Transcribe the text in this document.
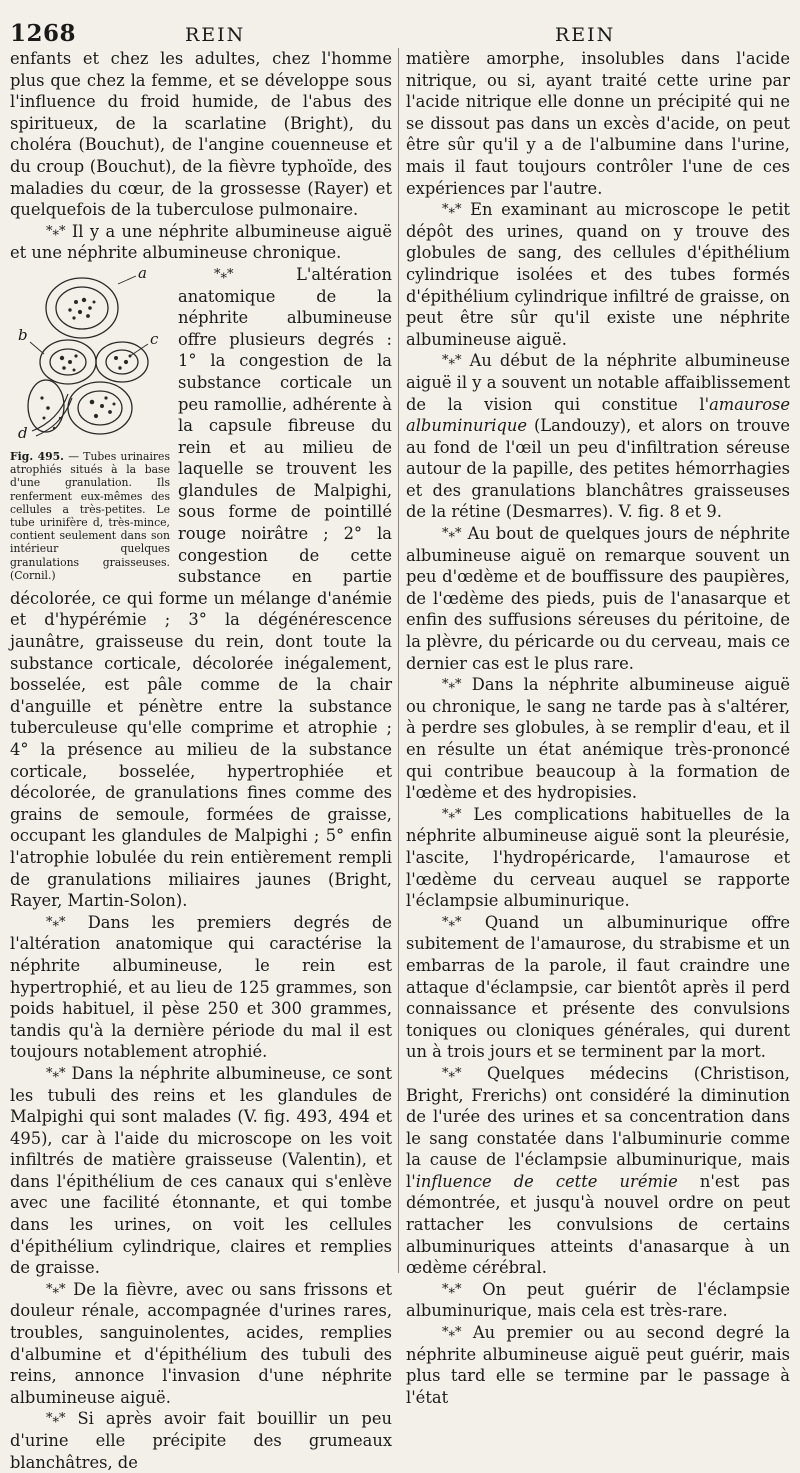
1268	REIN	REIN

enfants et chez les adultes, chez l'homme plus que chez la femme, et se développe sous l'influence du froid humide, de l'abus des spiritueux, de la scarlatine (Bright), du choléra (Bouchut), de l'angine couenneuse et du croup (Bouchut), de la fièvre typhoïde, des maladies du cœur, de la grossesse (Rayer) et quelquefois de la tuberculose pulmonaire.

*⁎* Il y a une néphrite albumineuse aiguë et une néphrite albumineuse chronique.

a
b	c
d
Fig. 495. — Tubes urinaires atrophiés situés à la base d'une granulation. Ils renferment eux-mêmes des cellules a très-petites. Le tube urinifère d, très-mince, contient seulement dans son intérieur quelques granulations graisseuses. (Cornil.)

*⁎*	L'altération anatomique de la néphrite albumineuse offre plusieurs degrés : 1° la congestion de la substance corticale un peu ramollie, adhérente à la capsule fibreuse du rein et au milieu de laquelle se trouvent les glandules de Malpighi, sous forme de pointillé rouge noirâtre ; 2° la congestion de cette substance en partie décolorée, ce qui forme un mélange d'anémie et d'hypérémie ; 3° la dégénérescence jaunâtre, graisseuse du rein, dont toute la substance corticale, décolorée inégalement, bosselée, est pâle comme de la chair d'anguille et pénètre entre la substance tuberculeuse qu'elle comprime et atrophie ; 4° la présence au milieu de la substance corticale, bosselée, hypertrophiée et décolorée, de granulations fines comme des grains de semoule, formées de graisse, occupant les glandules de Malpighi ; 5° enfin l'atrophie lobulée du rein entièrement rempli de granulations miliaires jaunes (Bright, Rayer, Martin-Solon).

*⁎* Dans les premiers degrés de l'altération anatomique qui caractérise la néphrite albumineuse, le rein est hypertrophié, et au lieu de 125 grammes, son poids habituel, il pèse 250 et 300 grammes, tandis qu'à la dernière période du mal il est toujours notablement atrophié.

*⁎* Dans la néphrite albumineuse, ce sont les tubuli des reins et les glandules de Malpighi qui sont malades (V. fig. 493, 494 et 495), car à l'aide du microscope on les voit infiltrés de matière graisseuse (Valentin), et dans l'épithélium de ces canaux qui s'enlève avec une facilité étonnante, et qui tombe dans les urines, on voit les cellules d'épithélium cylindrique, claires et remplies de graisse.

*⁎* De la fièvre, avec ou sans frissons et douleur rénale, accompagnée d'urines rares, troubles, sanguinolentes, acides, remplies d'albumine et d'épithélium des tubuli des reins, annonce l'invasion d'une néphrite albumineuse aiguë.

*⁎* Si après avoir fait bouillir un peu d'urine elle précipite des grumeaux blanchâtres, de

matière amorphe, insolubles dans l'acide nitrique, ou si, ayant traité cette urine par l'acide nitrique elle donne un précipité qui ne se dissout pas dans un excès d'acide, on peut être sûr qu'il y a de l'albumine dans l'urine, mais il faut toujours contrôler l'une de ces expériences par l'autre.

*⁎* En examinant au microscope le petit dépôt des urines, quand on y trouve des globules de sang, des cellules d'épithélium cylindrique isolées et des tubes formés d'épithélium cylindrique infiltré de graisse, on peut être sûr qu'il existe une néphrite albumineuse aiguë.

*⁎* Au début de la néphrite albumineuse aiguë il y a souvent un notable affaiblissement de la vision qui constitue l'amaurose albuminurique (Landouzy), et alors on trouve au fond de l'œil un peu d'infiltration séreuse autour de la papille, des petites hémorrhagies et des granulations blanchâtres graisseuses de la rétine (Desmarres). V. fig. 8 et 9.

*⁎* Au bout de quelques jours de néphrite albumineuse aiguë on remarque souvent un peu d'œdème et de bouffissure des paupières, de l'œdème des pieds, puis de l'anasarque et enfin des suffusions séreuses du péritoine, de la plèvre, du péricarde ou du cerveau, mais ce dernier cas est le plus rare.

*⁎* Dans la néphrite albumineuse aiguë ou chronique, le sang ne tarde pas à s'altérer, à perdre ses globules, à se remplir d'eau, et il en résulte un état anémique très-prononcé qui contribue beaucoup à la formation de l'œdème et des hydropisies.

*⁎* Les complications habituelles de la néphrite albumineuse aiguë sont la pleurésie, l'ascite, l'hydropéricarde, l'amaurose et l'œdème du cerveau auquel se rapporte l'éclampsie albuminurique.

*⁎* Quand un albuminurique offre subitement de l'amaurose, du strabisme et un embarras de la parole, il faut craindre une attaque d'éclampsie, car bientôt après il perd connaissance et présente des convulsions toniques ou cloniques générales, qui durent un à trois jours et se terminent par la mort.

*⁎* Quelques médecins (Christison, Bright, Frerichs) ont considéré la diminution de l'urée des urines et sa concentration dans le sang constatée dans l'albuminurie comme la cause de l'éclampsie albuminurique, mais l'influence de cette urémie n'est pas démontrée, et jusqu'à nouvel ordre on peut rattacher les convulsions de certains albuminuriques atteints d'anasarque à un œdème cérébral.

*⁎* On peut guérir de l'éclampsie albuminurique, mais cela est très-rare.

*⁎* Au premier ou au second degré la néphrite albumineuse aiguë peut guérir, mais plus tard elle se termine par le passage à l'état
